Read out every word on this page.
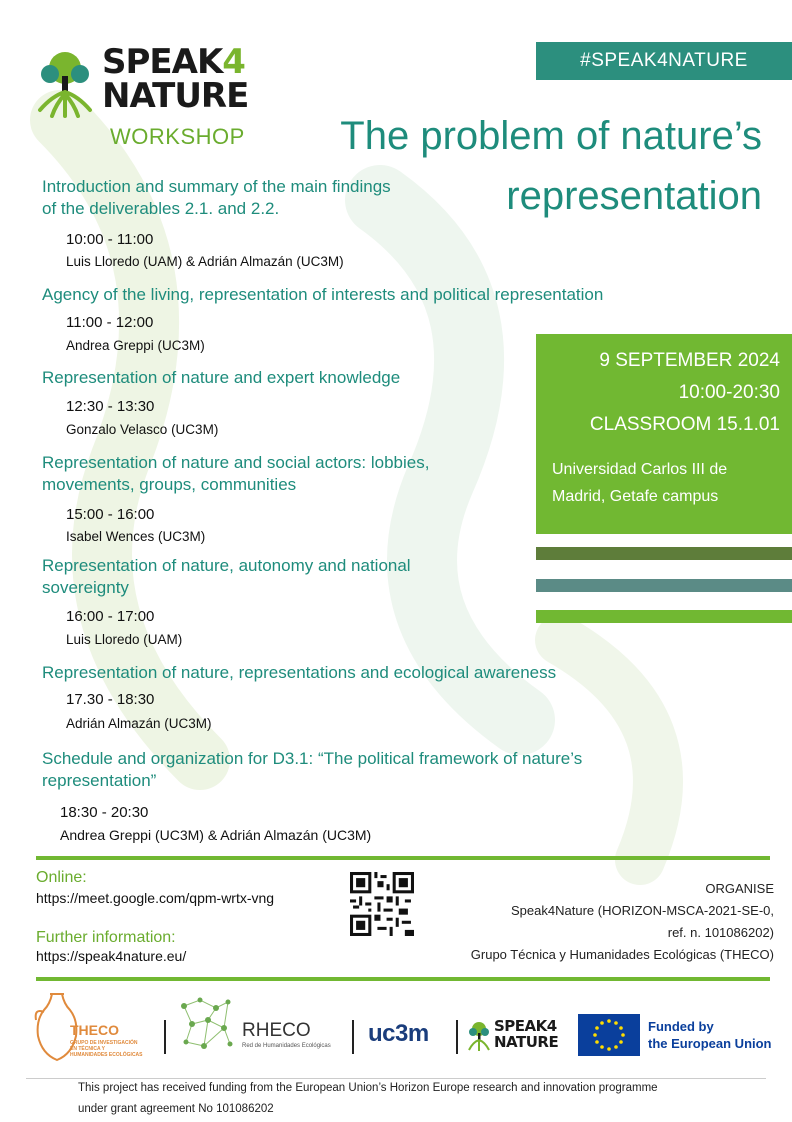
SPEAK4
NATURE
WORKSHOP
#SPEAK4NATURE
The problem of nature’s
representation
Introduction and summary of the main findings
of the deliverables 2.1. and 2.2.
10:00 - 11:00
Luis Lloredo (UAM) & Adrián Almazán (UC3M)
Agency of the living, representation of interests and political representation
11:00 - 12:00
Andrea Greppi (UC3M)
Representation of nature and expert knowledge
12:30 - 13:30
Gonzalo Velasco (UC3M)
Representation of nature and social actors: lobbies,
movements, groups, communities
15:00 - 16:00
Isabel Wences (UC3M)
Representation of nature, autonomy and national
sovereignty
16:00 - 17:00
Luis Lloredo (UAM)
Representation of nature, representations and ecological awareness
17.30 - 18:30
Adrián Almazán (UC3M)
Schedule and organization for D3.1: “The political framework of nature’s
representation”
18:30 - 20:30
Andrea Greppi (UC3M) & Adrián Almazán (UC3M)
9 SEPTEMBER 2024
10:00-20:30
CLASSROOM 15.1.01
Universidad Carlos III de
Madrid, Getafe campus
Online:
https://meet.google.com/qpm-wrtx-vng
Further information:
https://speak4nature.eu/
ORGANISE
Speak4Nature (HORIZON-MSCA-2021-SE-0,
ref. n. 101086202)
Grupo Técnica y Humanidades Ecológicas (THECO)
THECO
GRUPO DE INVESTIGACIÓN
EN TÉCNICA Y
HUMANIDADES ECOLÓGICAS
RHECO
Red de Humanidades Ecológicas uc3m	SPEAK4
NATURE
Funded by
the European Union
This project has received funding from the European Union’s Horizon Europe research and innovation programme
under grant agreement No 101086202
